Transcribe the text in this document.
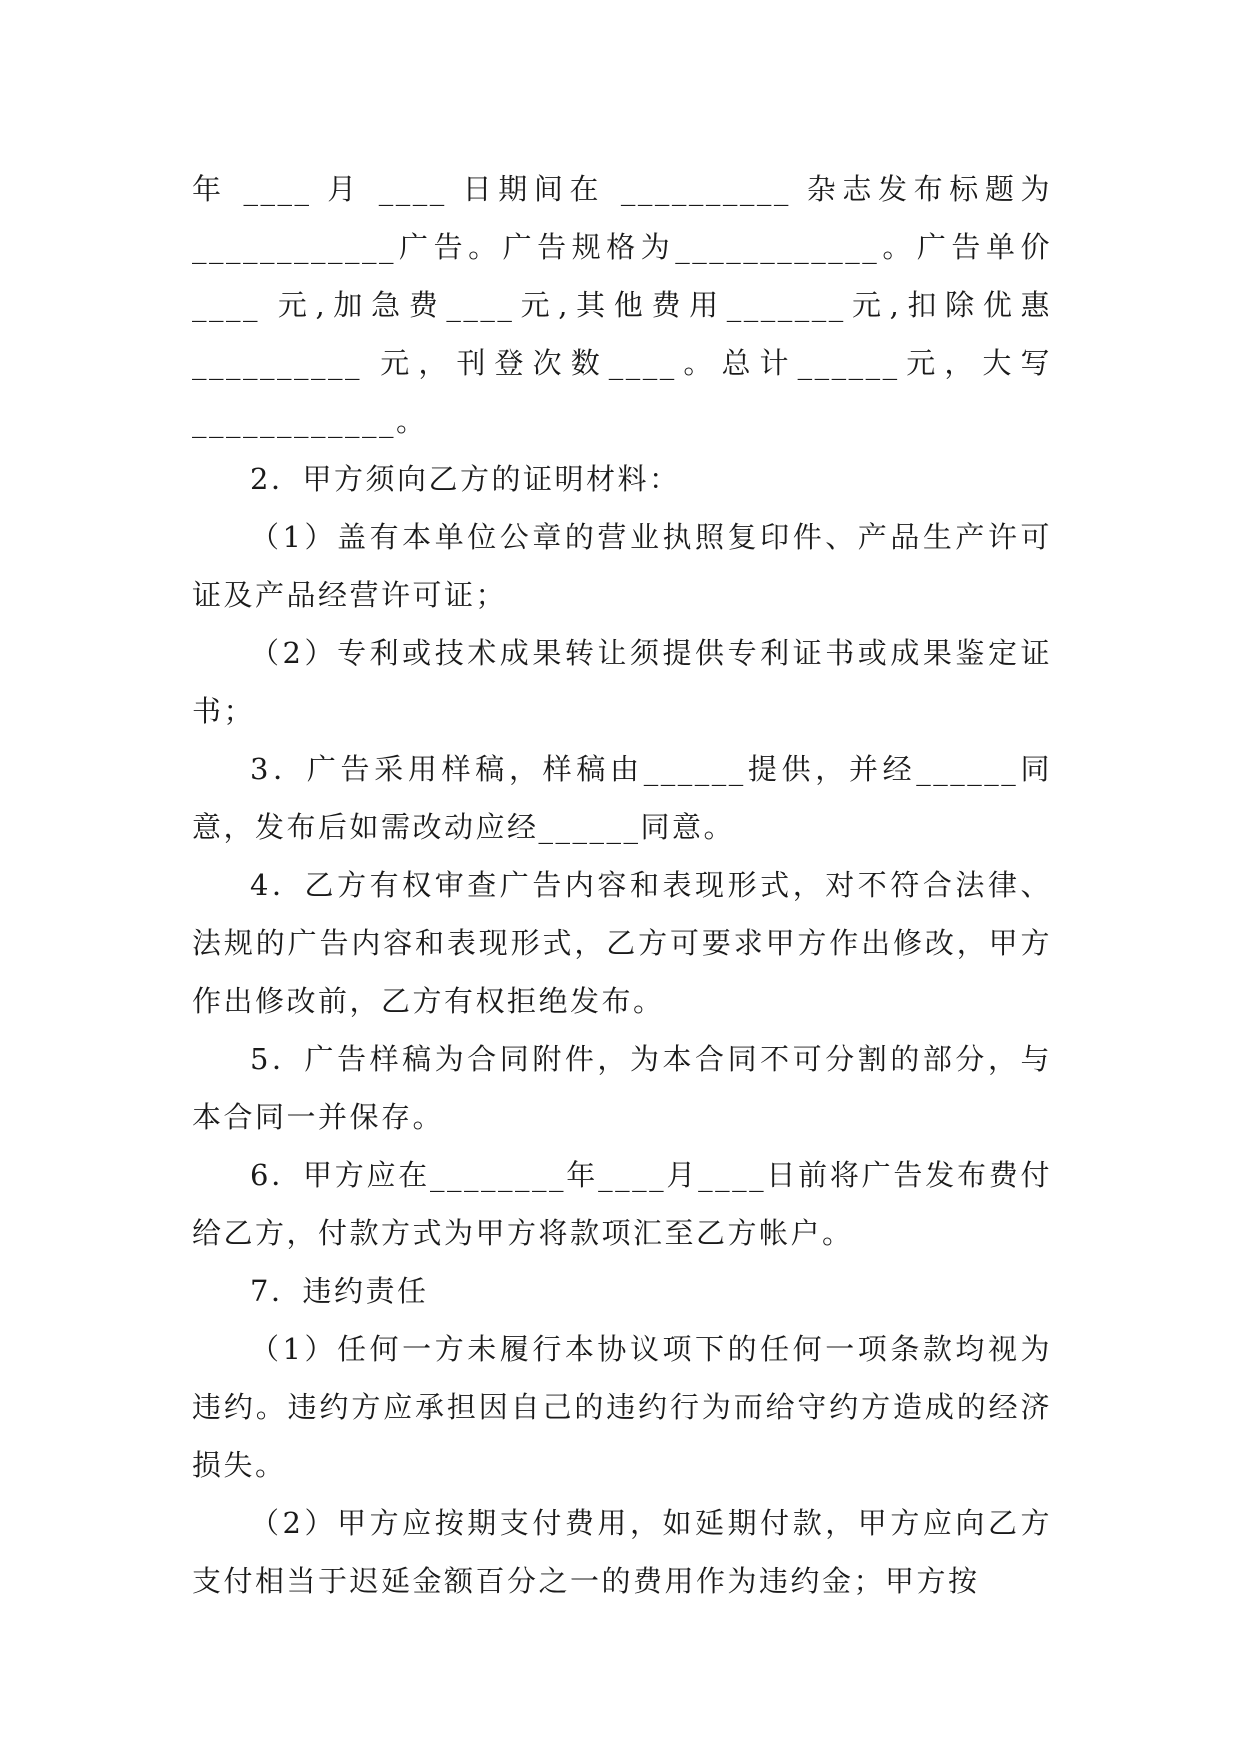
年 ____ 月 ____ 日期间在 __________ 杂志发布标题为 ____________广告。广告规格为____________。广告单价____ 元,加急费____元,其他费用_______元,扣除优惠__________ 元，刊登次数____。总计______元，大写____________。

2．甲方须向乙方的证明材料：

（1）盖有本单位公章的营业执照复印件、产品生产许可证及产品经营许可证；

（2）专利或技术成果转让须提供专利证书或成果鉴定证书；

3．广告采用样稿，样稿由______提供，并经______同意，发布后如需改动应经______同意。

4．乙方有权审查广告内容和表现形式，对不符合法律、法规的广告内容和表现形式，乙方可要求甲方作出修改，甲方作出修改前，乙方有权拒绝发布。

5．广告样稿为合同附件，为本合同不可分割的部分，与本合同一并保存。

6．甲方应在________年____月____日前将广告发布费付给乙方，付款方式为甲方将款项汇至乙方帐户。

7．违约责任

（1）任何一方未履行本协议项下的任何一项条款均视为违约。违约方应承担因自己的违约行为而给守约方造成的经济损失。

（2）甲方应按期支付费用，如延期付款，甲方应向乙方支付相当于迟延金额百分之一的费用作为违约金；甲方按
